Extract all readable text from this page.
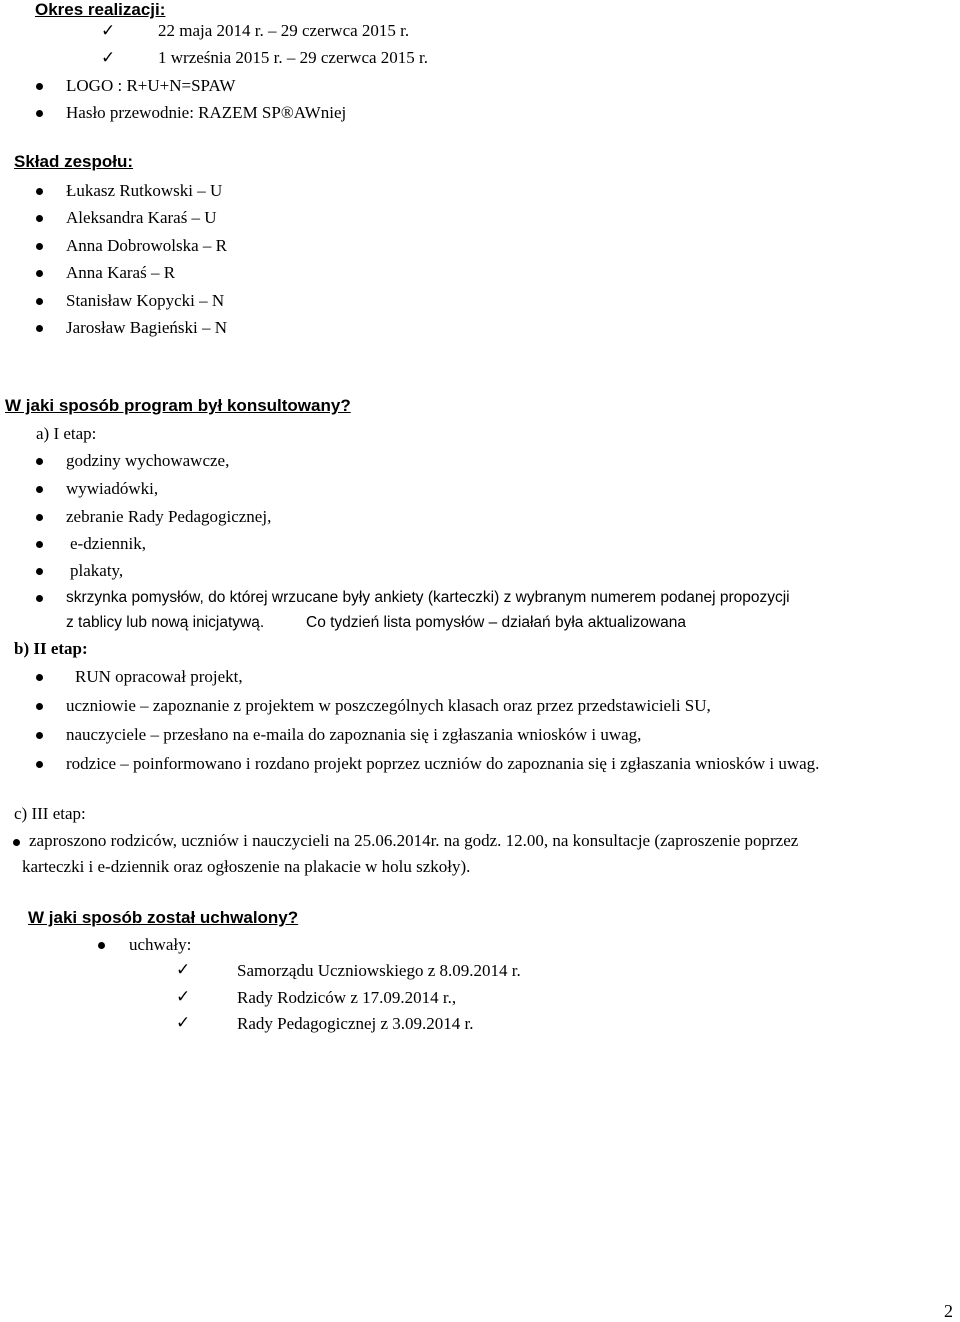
Okres realizacji:
✓	22 maja 2014 r. – 29 czerwca 2015 r.
✓	1 września 2015 r. – 29 czerwca 2015 r.
LOGO : R+U+N=SPAW
Hasło przewodnie: RAZEM SP®AWniej
Skład zespołu:
Łukasz Rutkowski – U
Aleksandra Karaś – U
Anna Dobrowolska – R
Anna Karaś – R
Stanisław Kopycki – N
Jarosław Bagieński – N
W jaki sposób program był konsultowany?
a) I etap:
godziny wychowawcze,
wywiadówki,
zebranie Rady Pedagogicznej,
e-dziennik,
plakaty,
skrzynka pomysłów, do której wrzucane były ankiety (karteczki) z wybranym numerem podanej propozycji
z tablicy lub nową inicjatywą.	Co tydzień lista pomysłów – działań była aktualizowana
b) II etap:
RUN opracował projekt,
uczniowie – zapoznanie z projektem w poszczególnych klasach oraz przez przedstawicieli SU,
nauczyciele – przesłano na e-maila do zapoznania się i zgłaszania wniosków i uwag,
rodzice – poinformowano i rozdano projekt poprzez uczniów do zapoznania się i zgłaszania wniosków i uwag.
c) III etap:
zaproszono rodziców, uczniów i nauczycieli na 25.06.2014r. na godz. 12.00, na konsultacje (zaproszenie poprzez
karteczki i e-dziennik oraz ogłoszenie na plakacie w holu szkoły).
W jaki sposób został uchwalony?
uchwały:
✓	Samorządu Uczniowskiego z 8.09.2014 r.
✓	Rady Rodziców z 17.09.2014 r.,
✓	Rady Pedagogicznej z 3.09.2014 r.
2
